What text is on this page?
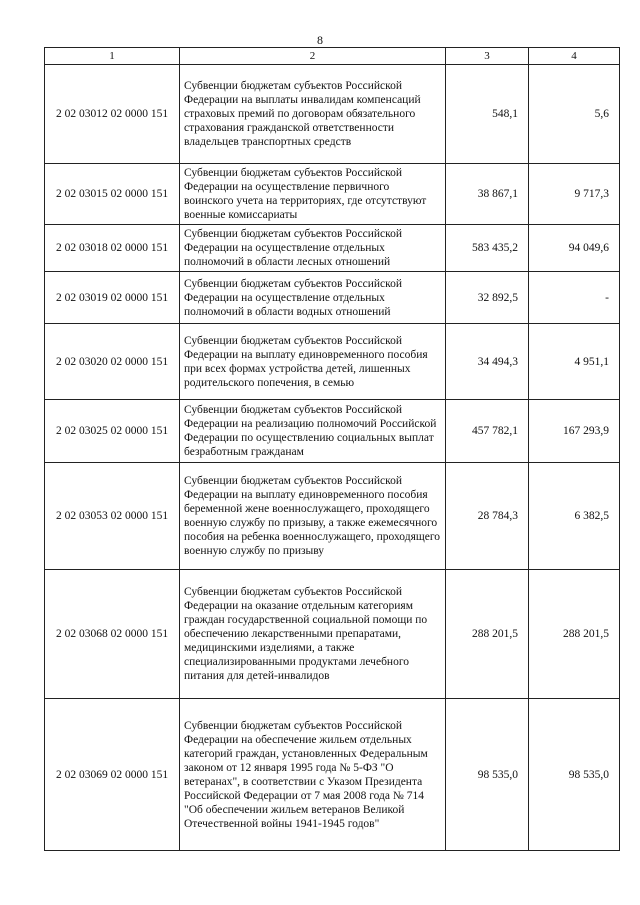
8
1	2	3	4
2 02 03012 02 0000 151	Субвенции бюджетам субъектов Российской Федерации на выплаты инвалидам компенсаций страховых премий по договорам обязательного страхования гражданской ответственности владельцев транспортных средств	548,1	5,6
2 02 03015 02 0000 151	Субвенции бюджетам субъектов Российской Федерации на осуществление первичного воинского учета на территориях, где отсутствуют военные комиссариаты	38 867,1	9 717,3
2 02 03018 02 0000 151	Субвенции бюджетам субъектов Российской Федерации на осуществление отдельных полномочий в области лесных отношений	583 435,2	94 049,6
2 02 03019 02 0000 151	Субвенции бюджетам субъектов Российской Федерации на осуществление отдельных полномочий в области водных отношений	32 892,5	-
2 02 03020 02 0000 151	Субвенции бюджетам субъектов Российской Федерации на выплату единовременного пособия при всех формах устройства детей, лишенных родительского попечения, в семью	34 494,3	4 951,1
2 02 03025 02 0000 151	Субвенции бюджетам субъектов Российской Федерации на реализацию полномочий Российской Федерации по осуществлению социальных выплат безработным гражданам	457 782,1	167 293,9
2 02 03053 02 0000 151	Субвенции бюджетам субъектов Российской Федерации на выплату единовременного пособия беременной жене военнослужащего, проходящего военную службу по призыву, а также ежемесячного пособия на ребенка военнослужащего, проходящего военную службу по призыву	28 784,3	6 382,5
2 02 03068 02 0000 151	Субвенции бюджетам субъектов Российской Федерации на оказание отдельным категориям граждан государственной социальной помощи по обеспечению лекарственными препаратами, медицинскими изделиями, а также специализированными продуктами лечебного питания для детей-инвалидов	288 201,5	288 201,5
2 02 03069 02 0000 151	Субвенции бюджетам субъектов Российской Федерации на обеспечение жильем отдельных категорий граждан, установленных Федеральным законом от 12 января 1995 года № 5-ФЗ "О ветеранах", в соответствии с Указом Президента Российской Федерации от 7 мая 2008 года № 714 "Об обеспечении жильем ветеранов Великой Отечественной войны 1941-1945 годов"	98 535,0	98 535,0
